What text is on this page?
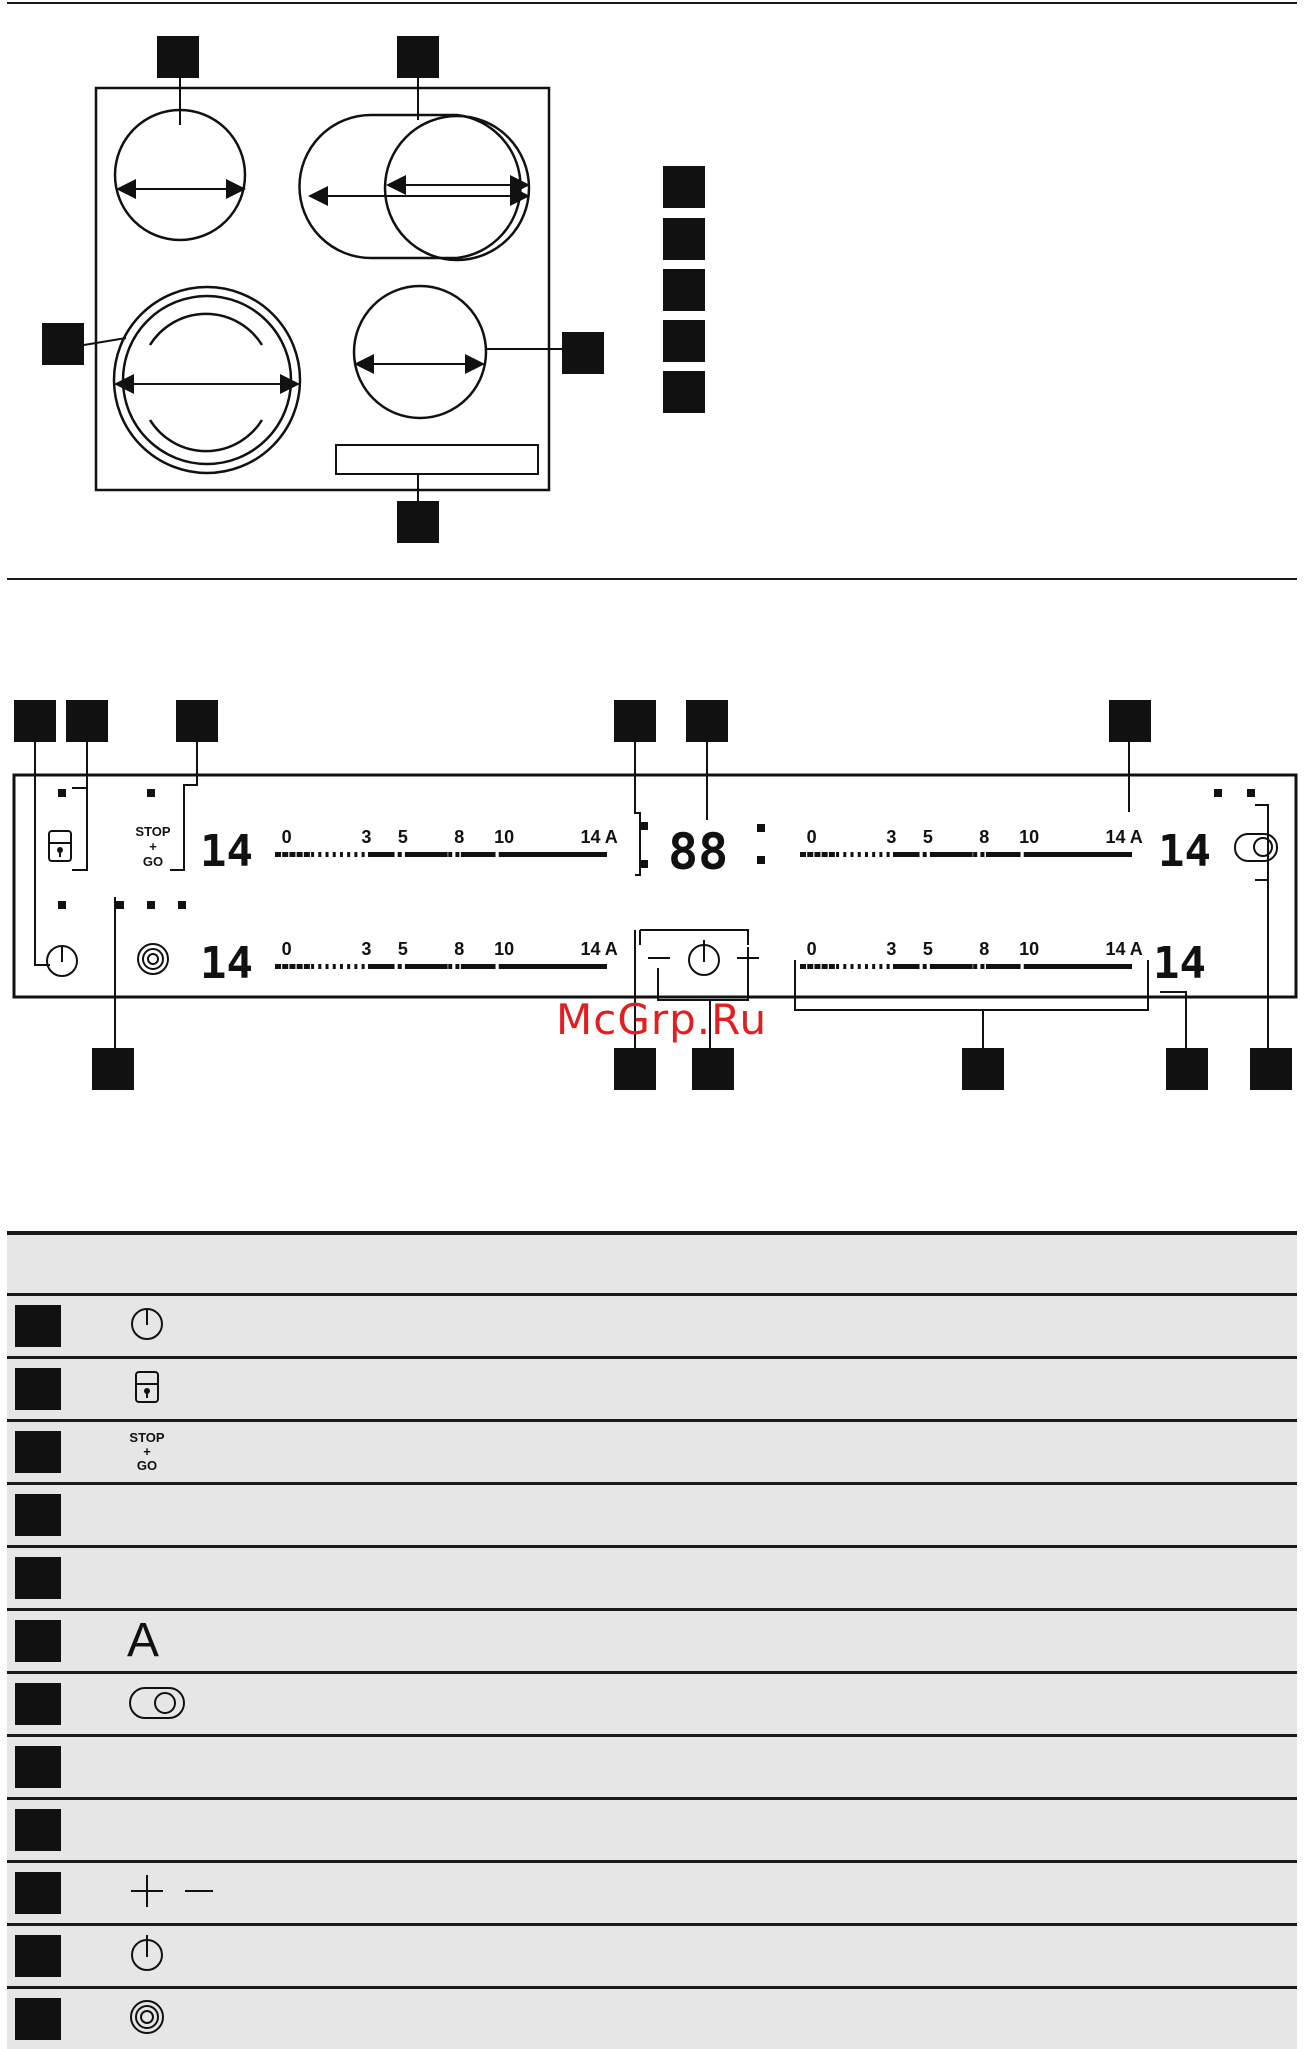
STOP
+
GO 14
14
14
14
88
0	3 5	8 10	14 A	0	3 5	8 10	14 A
0	3 5	8 10	14 A	0	3 5	8 10	14 A
McGrp.Ru

	STOP
+
GO	

	A	
